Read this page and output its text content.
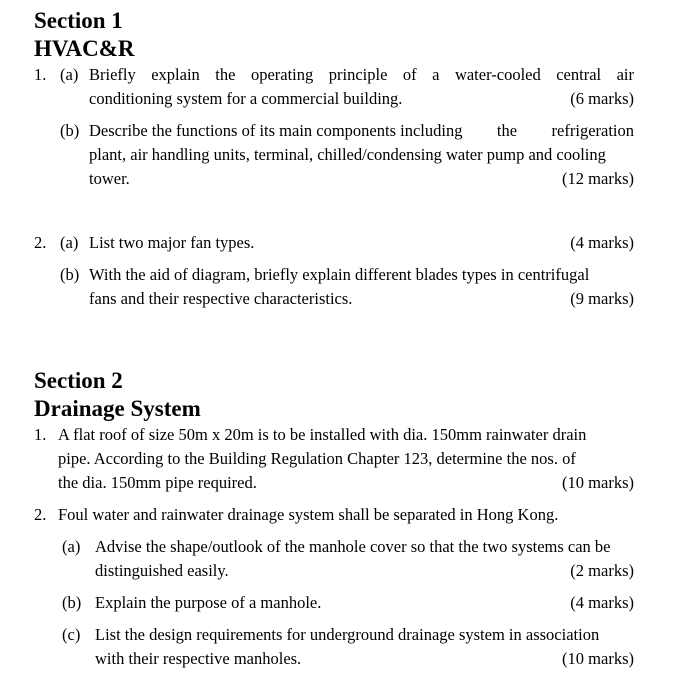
Section 1
HVAC&R
1. (a) Briefly explain the operating principle of a water-cooled central air
conditioning system for a commercial building.	(6 marks)
(b) Describe the functions of its main components including the refrigeration
plant, air handling units, terminal, chilled/condensing water pump and cooling
tower.	(12 marks)
2. (a) List two major fan types.	(4 marks)
(b) With the aid of diagram, briefly explain different blades types in centrifugal
fans and their respective characteristics.	(9 marks)
Section 2
Drainage System
1. A flat roof of size 50m x 20m is to be installed with dia. 150mm rainwater drain
pipe. According to the Building Regulation Chapter 123, determine the nos. of
the dia. 150mm pipe required.	(10 marks)
2. Foul water and rainwater drainage system shall be separated in Hong Kong.
(a) Advise the shape/outlook of the manhole cover so that the two systems can be
distinguished easily.	(2 marks)
(b) Explain the purpose of a manhole.	(4 marks)
(c) List the design requirements for underground drainage system in association
with their respective manholes.	(10 marks)
